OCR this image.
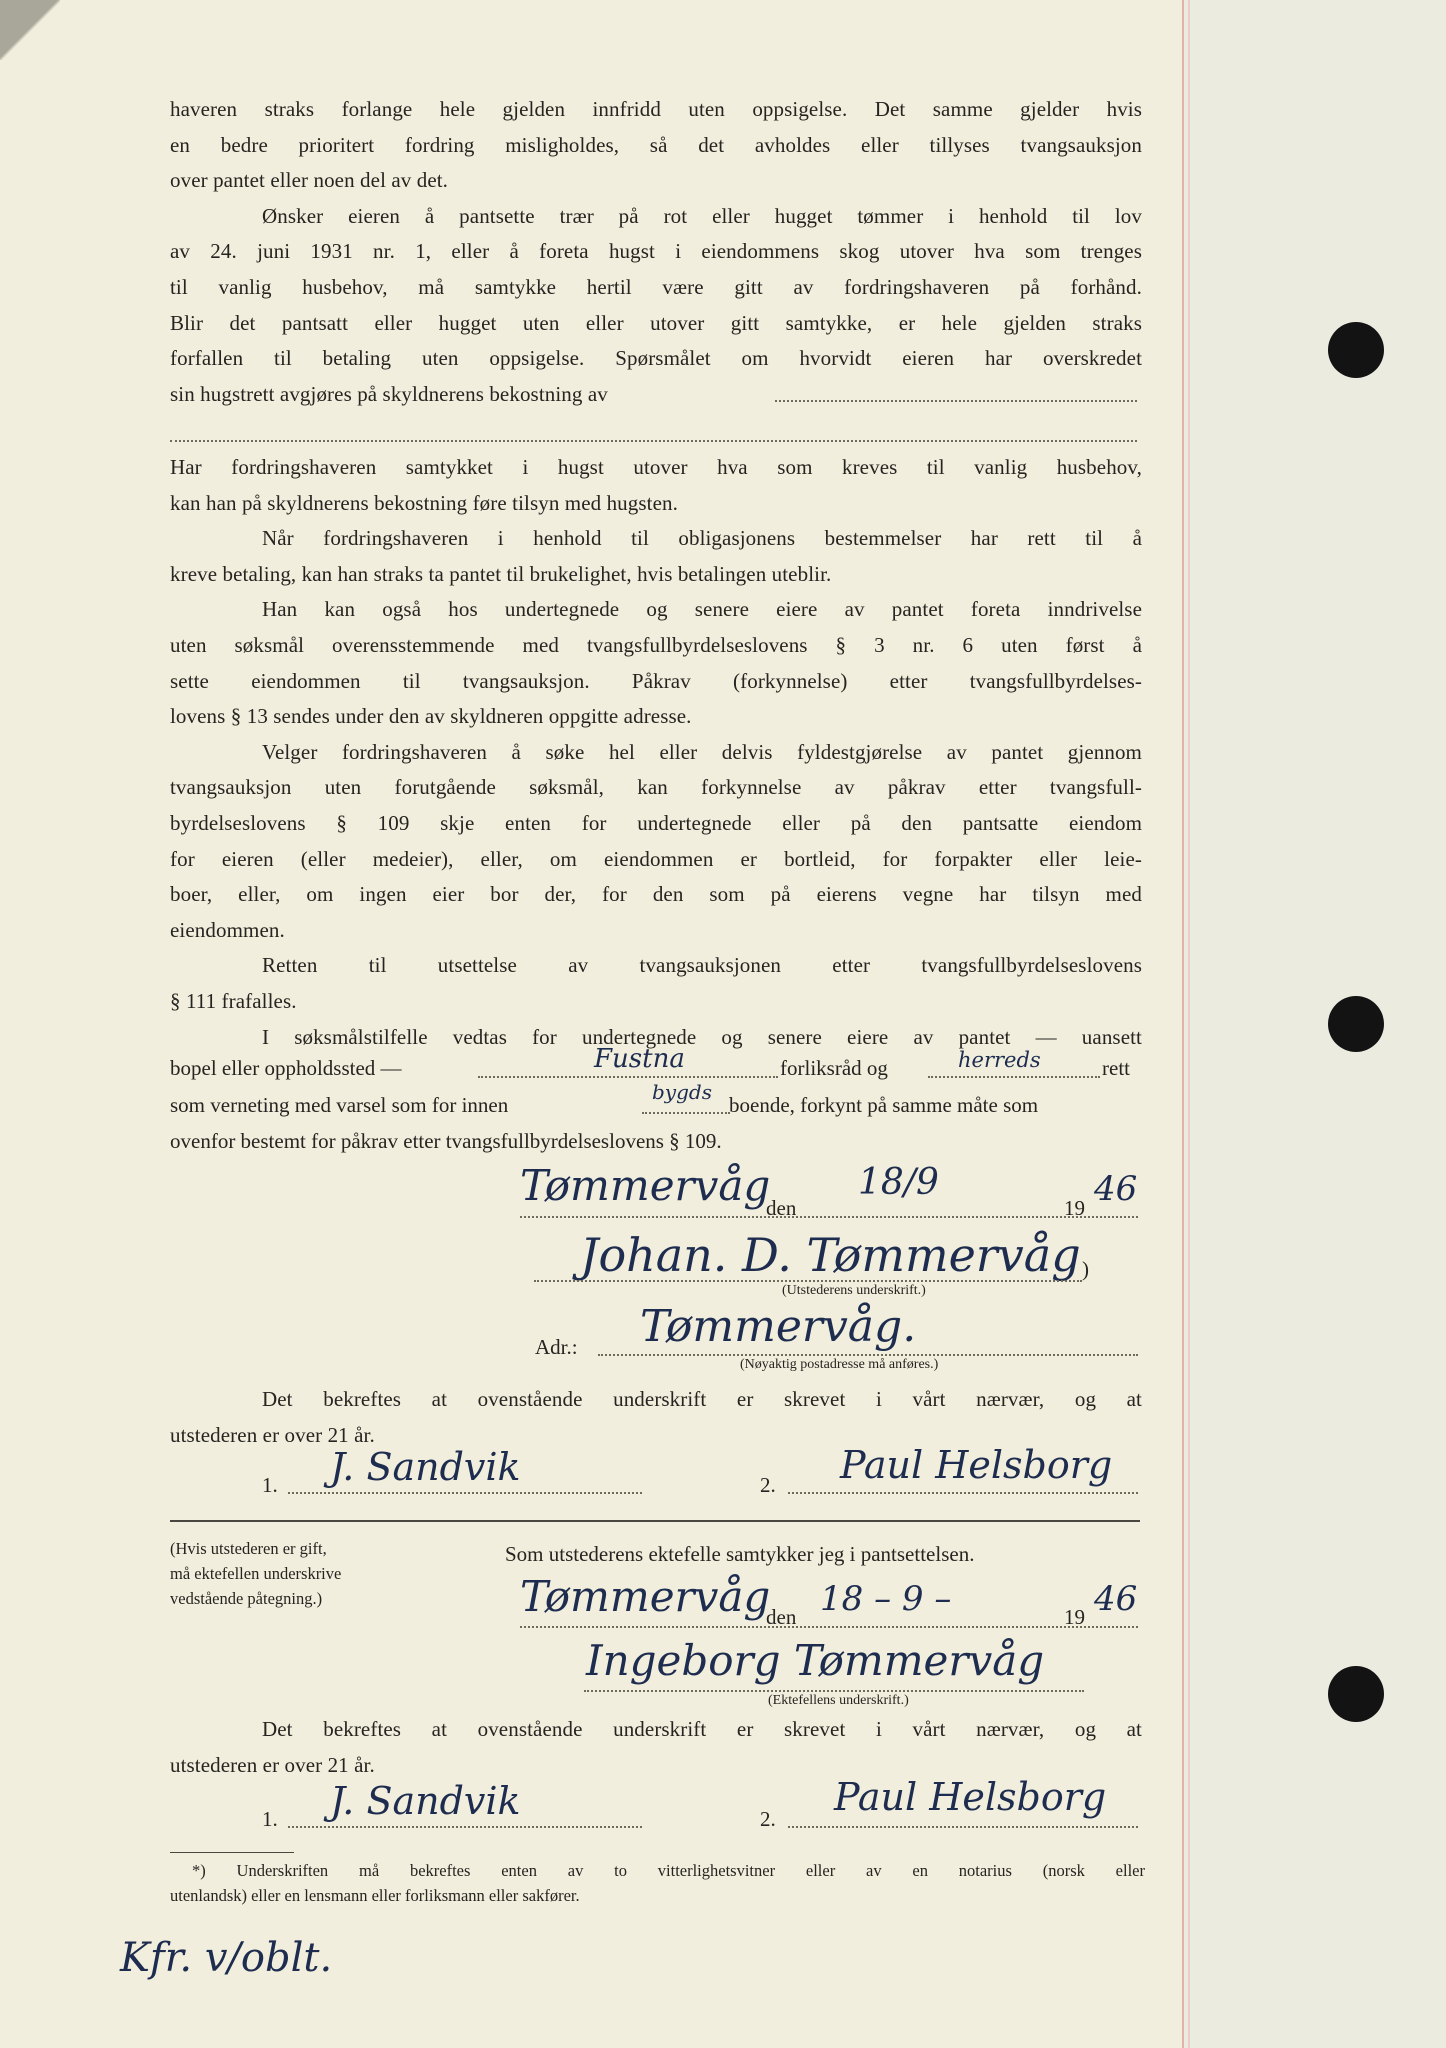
haveren straks forlange hele gjelden innfridd uten oppsigelse. Det samme gjelder hvis

en bedre prioritert fordring misligholdes, så det avholdes eller tillyses tvangsauksjon

over pantet eller noen del av det.

Ønsker eieren å pantsette trær på rot eller hugget tømmer i henhold til lov

av 24. juni 1931 nr. 1, eller å foreta hugst i eiendommens skog utover hva som trenges

til vanlig husbehov, må samtykke hertil være gitt av fordringshaveren på forhånd.

Blir det pantsatt eller hugget uten eller utover gitt samtykke, er hele gjelden straks

forfallen til betaling uten oppsigelse. Spørsmålet om hvorvidt eieren har overskredet

sin hugstrett avgjøres på skyldnerens bekostning av

Har fordringshaveren samtykket i hugst utover hva som kreves til vanlig husbehov,

kan han på skyldnerens bekostning føre tilsyn med hugsten.

Når fordringshaveren i henhold til obligasjonens bestemmelser har rett til å

kreve betaling, kan han straks ta pantet til brukelighet, hvis betalingen uteblir.

Han kan også hos undertegnede og senere eiere av pantet foreta inndrivelse

uten søksmål overensstemmende med tvangsfullbyrdelseslovens § 3 nr. 6 uten først å

sette eiendommen til tvangsauksjon. Påkrav (forkynnelse) etter tvangsfullbyrdelses-

lovens § 13 sendes under den av skyldneren oppgitte adresse.

Velger fordringshaveren å søke hel eller delvis fyldestgjørelse av pantet gjennom

tvangsauksjon uten forutgående søksmål, kan forkynnelse av påkrav etter tvangsfull-

byrdelseslovens § 109 skje enten for undertegnede eller på den pantsatte eiendom

for eieren (eller medeier), eller, om eiendommen er bortleid, for forpakter eller leie-

boer, eller, om ingen eier bor der, for den som på eierens vegne har tilsyn med

eiendommen.

Retten til utsettelse av tvangsauksjonen etter tvangsfullbyrdelseslovens

§ 111 frafalles.

I søksmålstilfelle vedtas for undertegnede og senere eiere av pantet — uansett

bopel eller oppholdssted —	Fustna	forliksråd og	herreds	rett
som verneting med varsel som for innen
bygds
boende, forkynt på samme måte som
ovenfor bestemt for påkrav etter tvangsfullbyrdelseslovens § 109.
Tømmervåg
den
18/9
19 46
Johan. D. Tømmervåg )
(Utstederens underskrift.)
Adr.: Tømmervåg.
(Nøyaktig postadresse må anføres.)

Det bekreftes at ovenstående underskrift er skrevet i vårt nærvær, og at

utstederen er over 21 år.

1. J. Sandvik	2. Paul Helsborg
(Hvis utstederen er gift,
må ektefellen underskrive
vedstående påtegning.)
Som utstederens ektefelle samtykker jeg i pantsettelsen.
Tømmervåg
den 18 – 9 –	19 46
Ingeborg Tømmervåg
(Ektefellens underskrift.)

Det bekreftes at ovenstående underskrift er skrevet i vårt nærvær, og at

utstederen er over 21 år.

1. J. Sandvik	2. Paul Helsborg
*) Underskriften må bekreftes enten av to vitterlighetsvitner eller av en notarius (norsk eller
utenlandsk) eller en lensmann eller forliksmann eller sakfører.
Kfr. v/oblt.
